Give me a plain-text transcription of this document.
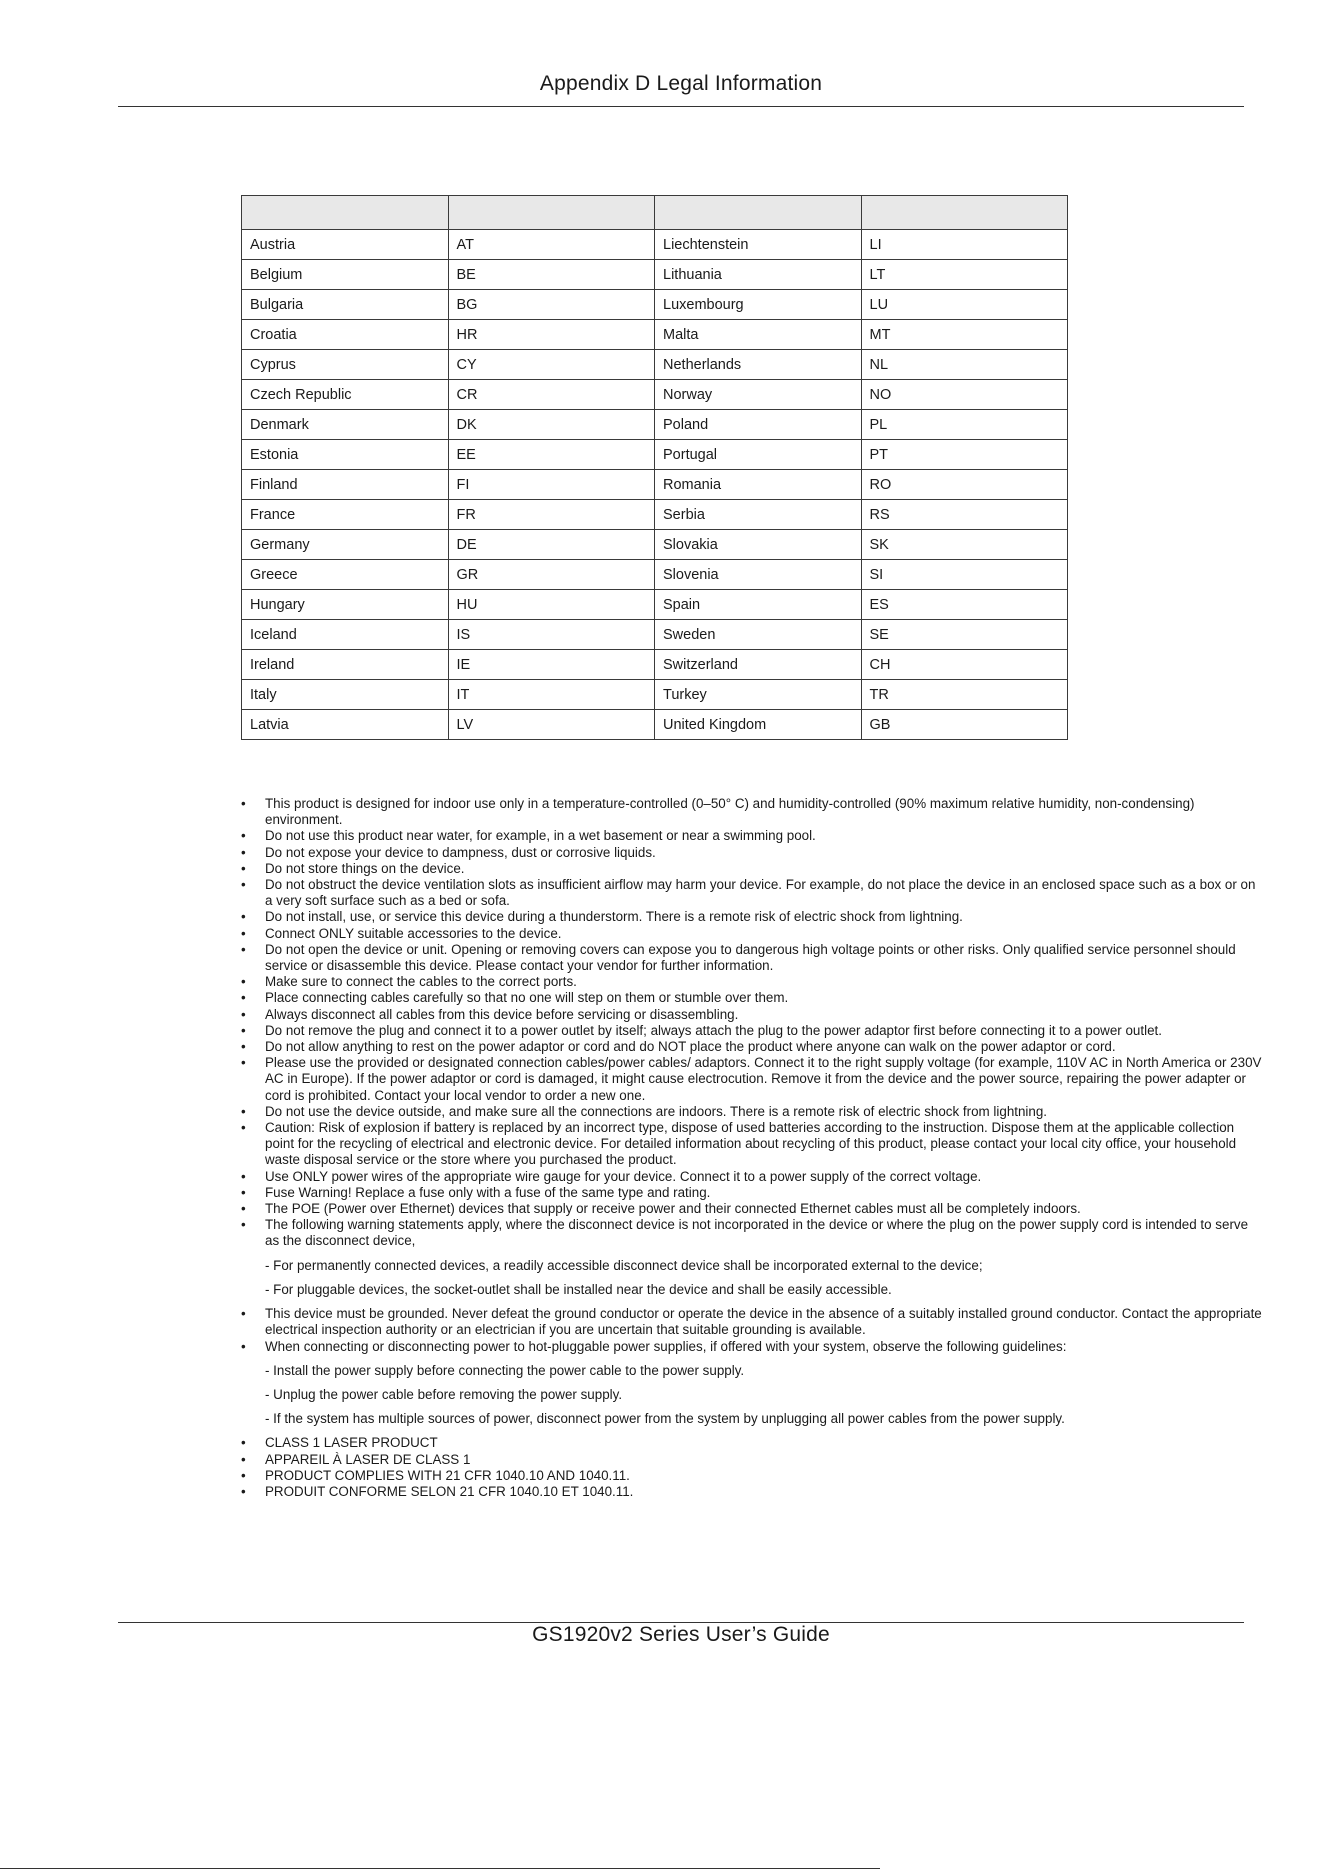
Appendix D Legal Information

Austria	AT	Liechtenstein	LI
Belgium	BE	Lithuania	LT
Bulgaria	BG	Luxembourg	LU
Croatia	HR	Malta	MT
Cyprus	CY	Netherlands	NL
Czech Republic	CR	Norway	NO
Denmark	DK	Poland	PL
Estonia	EE	Portugal	PT
Finland	FI	Romania	RO
France	FR	Serbia	RS
Germany	DE	Slovakia	SK
Greece	GR	Slovenia	SI
Hungary	HU	Spain	ES
Iceland	IS	Sweden	SE
Ireland	IE	Switzerland	CH
Italy	IT	Turkey	TR
Latvia	LV	United Kingdom	GB
• This product is designed for indoor use only in a temperature-controlled (0–50° C) and humidity-controlled (90% maximum relative humidity, non-condensing) environment.
• Do not use this product near water, for example, in a wet basement or near a swimming pool.
• Do not expose your device to dampness, dust or corrosive liquids.
• Do not store things on the device.
• Do not obstruct the device ventilation slots as insufficient airflow may harm your device. For example, do not place the device in an enclosed space such as a box or on a very soft surface such as a bed or sofa.
• Do not install, use, or service this device during a thunderstorm. There is a remote risk of electric shock from lightning.
• Connect ONLY suitable accessories to the device.
• Do not open the device or unit. Opening or removing covers can expose you to dangerous high voltage points or other risks. Only qualified service personnel should service or disassemble this device. Please contact your vendor for further information.
• Make sure to connect the cables to the correct ports.
• Place connecting cables carefully so that no one will step on them or stumble over them.
• Always disconnect all cables from this device before servicing or disassembling.
• Do not remove the plug and connect it to a power outlet by itself; always attach the plug to the power adaptor first before connecting it to a power outlet.
• Do not allow anything to rest on the power adaptor or cord and do NOT place the product where anyone can walk on the power adaptor or cord.
• Please use the provided or designated connection cables/power cables/ adaptors. Connect it to the right supply voltage (for example, 110V AC in North America or 230V AC in Europe). If the power adaptor or cord is damaged, it might cause electrocution. Remove it from the device and the power source, repairing the power adapter or cord is prohibited. Contact your local vendor to order a new one.
• Do not use the device outside, and make sure all the connections are indoors. There is a remote risk of electric shock from lightning.
• Caution: Risk of explosion if battery is replaced by an incorrect type, dispose of used batteries according to the instruction. Dispose them at the applicable collection point for the recycling of electrical and electronic device. For detailed information about recycling of this product, please contact your local city office, your household waste disposal service or the store where you purchased the product.
• Use ONLY power wires of the appropriate wire gauge for your device. Connect it to a power supply of the correct voltage.
• Fuse Warning! Replace a fuse only with a fuse of the same type and rating.
• The POE (Power over Ethernet) devices that supply or receive power and their connected Ethernet cables must all be completely indoors.
• The following warning statements apply, where the disconnect device is not incorporated in the device or where the plug on the power supply cord is intended to serve as the disconnect device,
- For permanently connected devices, a readily accessible disconnect device shall be incorporated external to the device;
- For pluggable devices, the socket-outlet shall be installed near the device and shall be easily accessible.
• This device must be grounded. Never defeat the ground conductor or operate the device in the absence of a suitably installed ground conductor. Contact the appropriate electrical inspection authority or an electrician if you are uncertain that suitable grounding is available.
• When connecting or disconnecting power to hot-pluggable power supplies, if offered with your system, observe the following guidelines:
- Install the power supply before connecting the power cable to the power supply.
- Unplug the power cable before removing the power supply.
- If the system has multiple sources of power, disconnect power from the system by unplugging all power cables from the power supply.
• CLASS 1 LASER PRODUCT
• APPAREIL À LASER DE CLASS 1
• PRODUCT COMPLIES WITH 21 CFR 1040.10 AND 1040.11.
• PRODUIT CONFORME SELON 21 CFR 1040.10 ET 1040.11.
GS1920v2 Series User’s Guide
